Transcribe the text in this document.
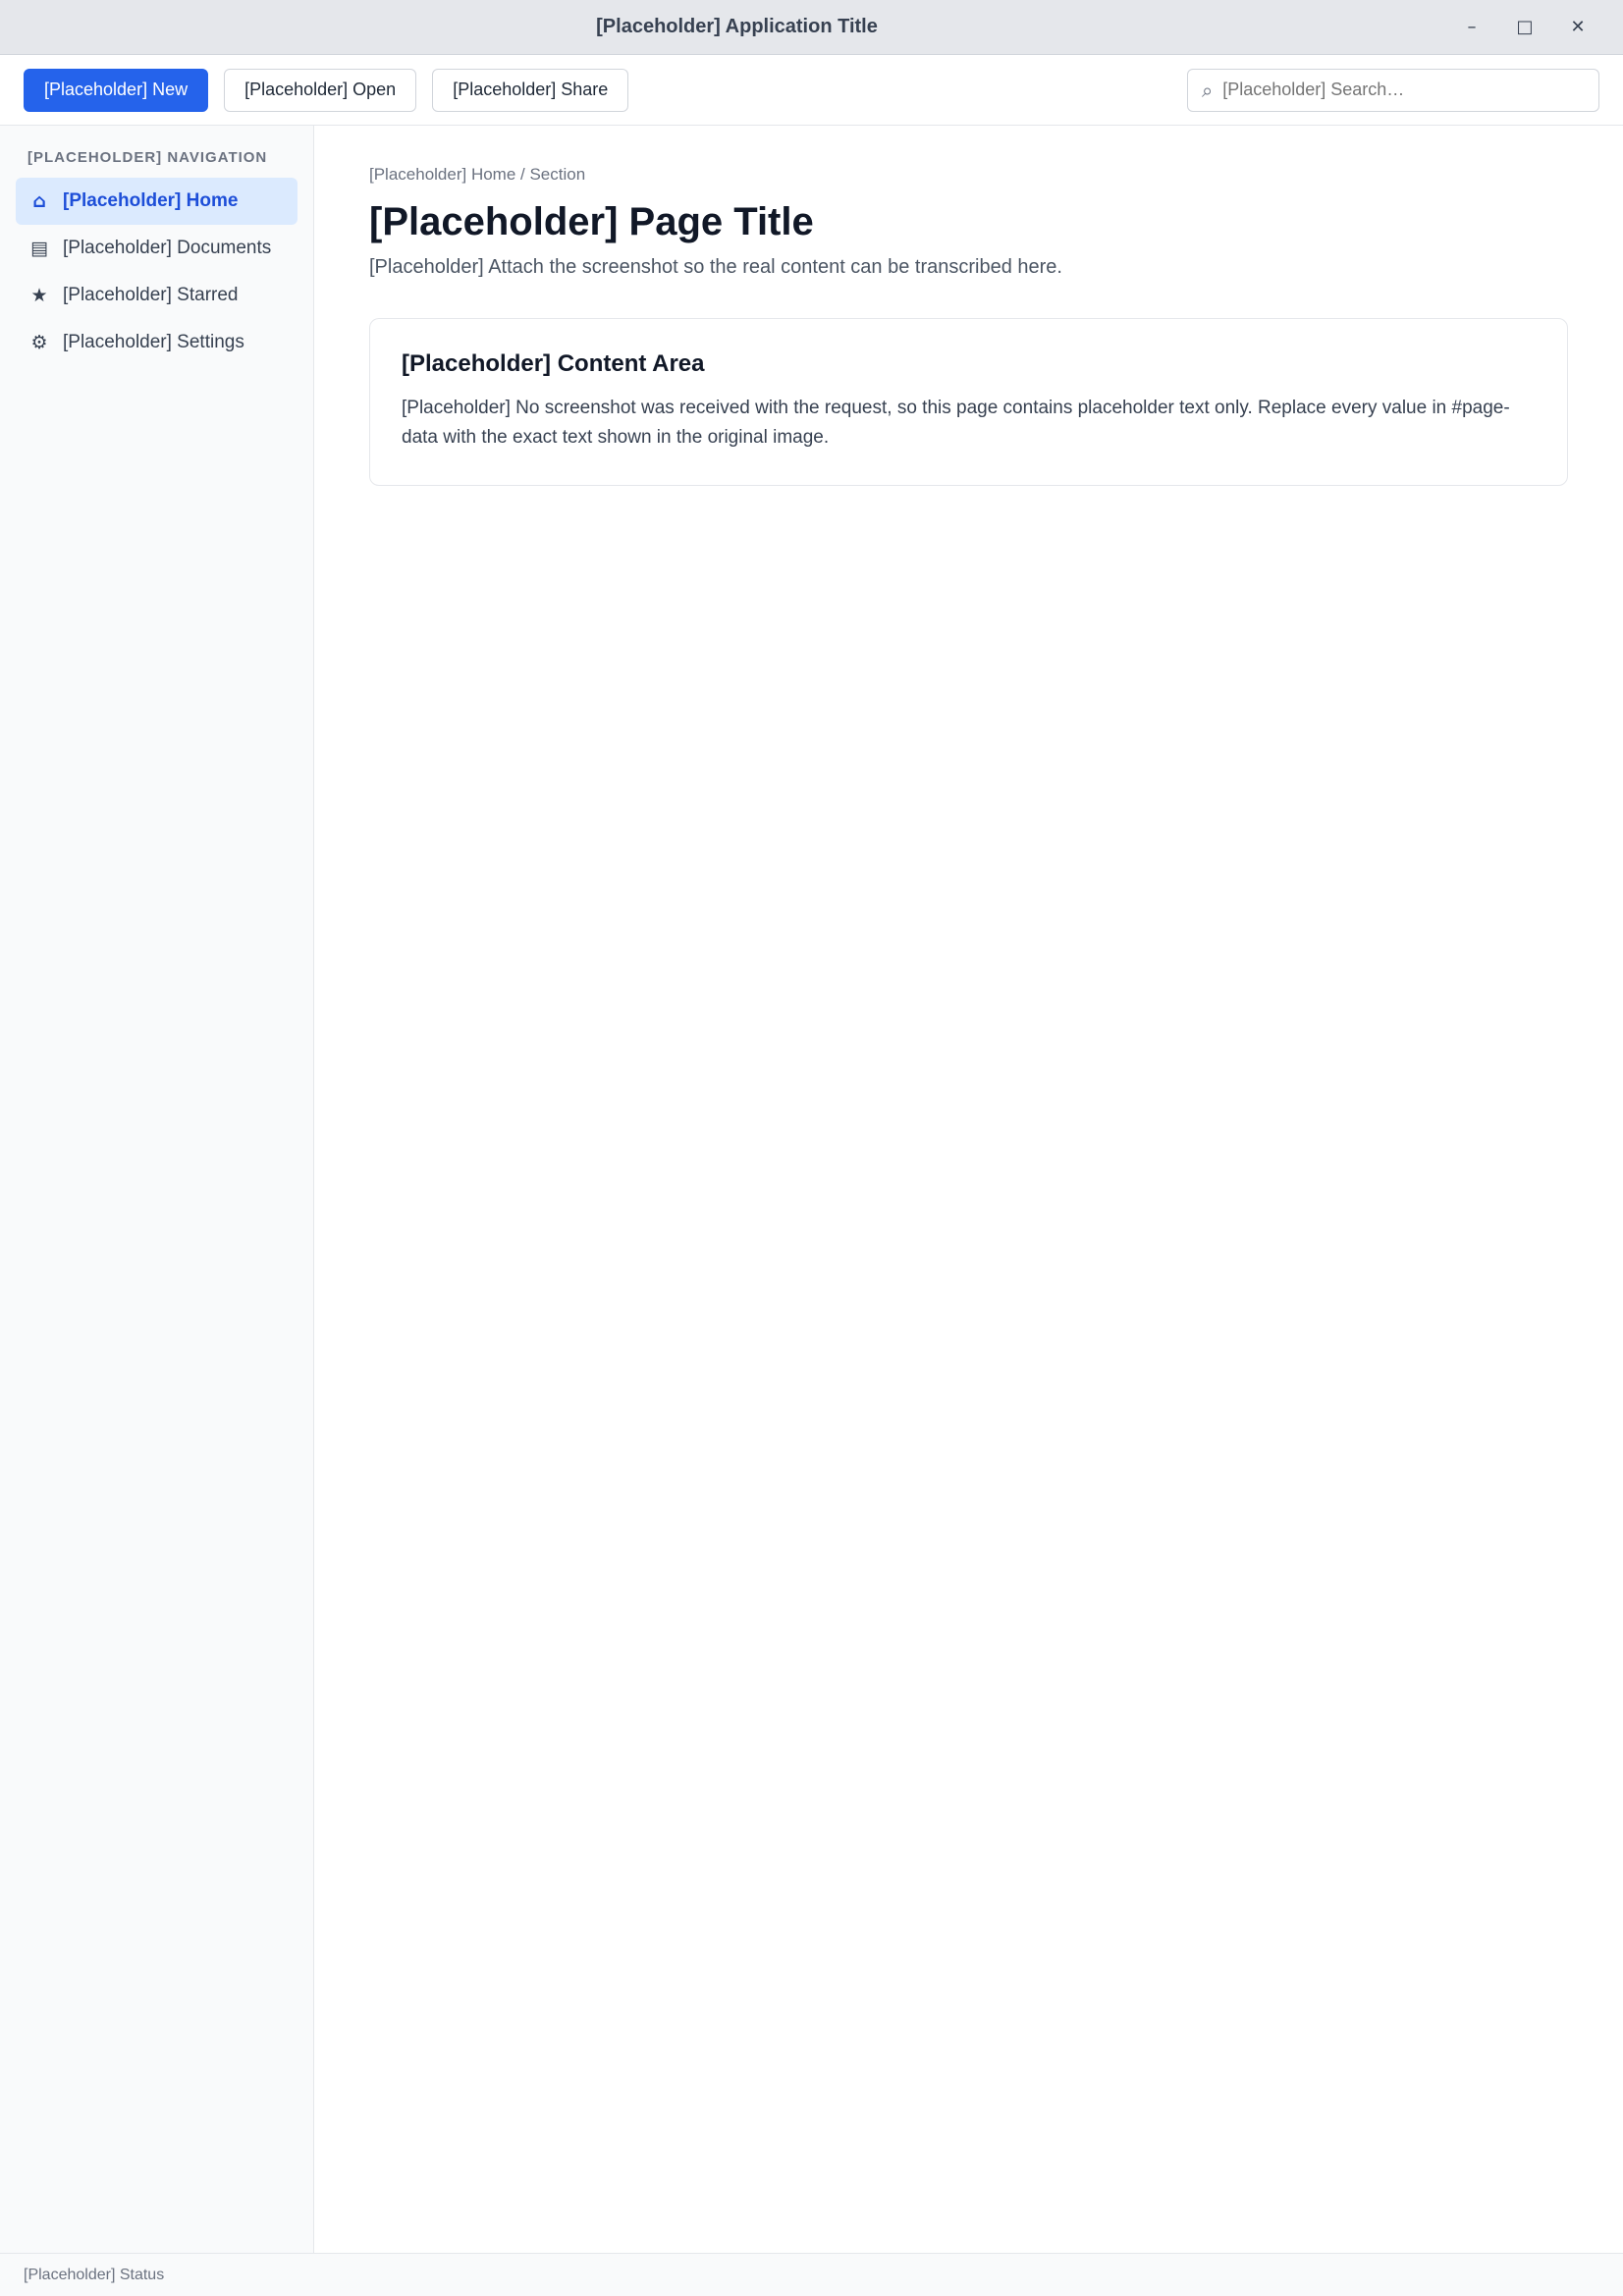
[Placeholder] Application Title	–	□	✕
[Placeholder] New	[Placeholder] Open	[Placeholder] Share	⌕
[Placeholder] Search…
[PLACEHOLDER] NAVIGATION
⌂ [Placeholder] Home
▤ [Placeholder] Documents
★ [Placeholder] Starred
⚙ [Placeholder] Settings
[Placeholder] Home / Section
[Placeholder] Page Title

[Placeholder] Attach the screenshot so the real content can be transcribed here.

[Placeholder] Content Area

[Placeholder] No screenshot was received with the request, so this page contains placeholder text only. Replace every value in #page-data with the exact text shown in the original image.

[Placeholder] Status
